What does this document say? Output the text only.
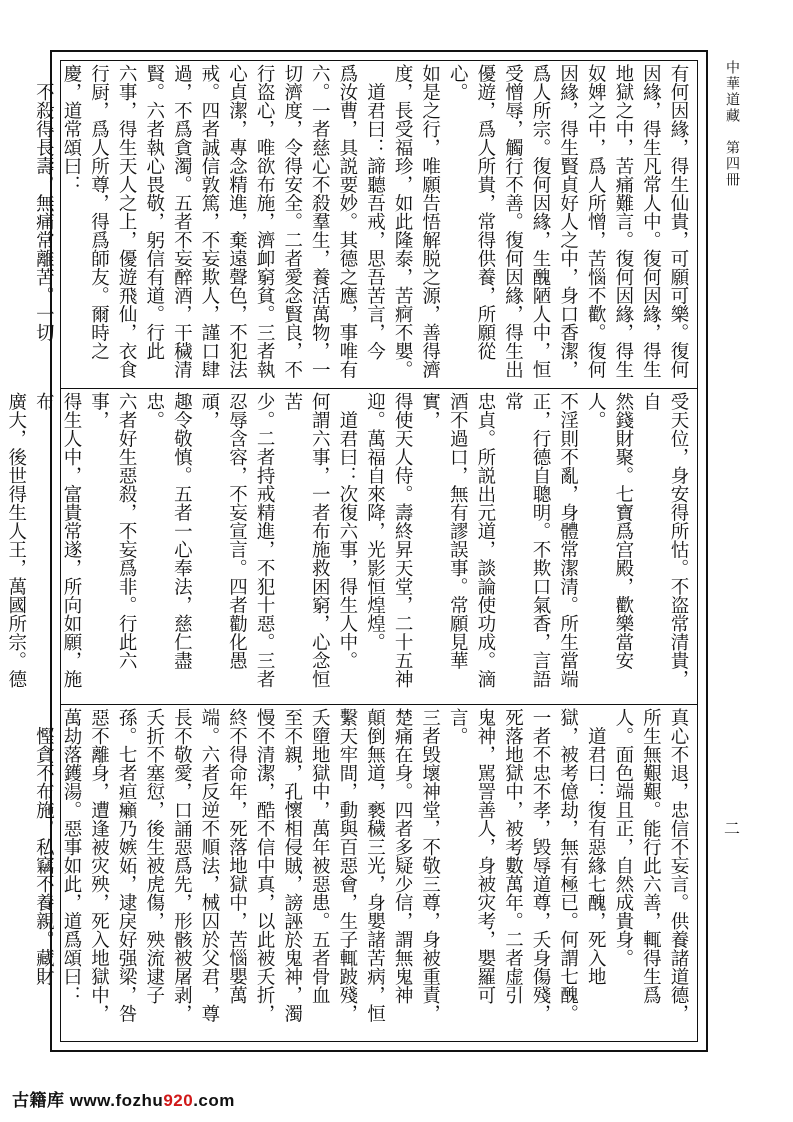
中華道藏　第四冊
二
有何因緣，得生仙貴，可願可樂。復何
因緣，得生凡常人中。復何因緣，得生
地獄之中，苦痛難言。復何因緣，得生
奴婢之中，爲人所憎，苦惱不歡。復何
因緣，得生賢貞好人之中，身口香潔，
爲人所宗。復何因緣，生醜陋人中，恒
受憎辱，觸行不善。復何因緣，得生出
優遊，爲人所貴，常得供養，所願從心。
如是之行，唯願告悟解脱之源，善得濟
度，長受福珍，如此隆泰，苦痾不嬰。
　道君曰：諦聽吾戒，思吾苦言，今
爲汝曹，具説要妙。其德之應，事唯有
六。一者慈心不殺羣生，養活萬物，一
切濟度，令得安全。二者愛念賢良，不
行盗心，唯欲布施，濟卹窮貧。三者執
心貞潔，專念精進，棄遠聲色，不犯法
戒。四者誠信敦篤，不妄欺人，謹口肆
過，不爲貪濁。五者不妄醉酒，干穢清
賢。六者執心畏敬，躬信有道。行此
六事，得生天人之上，優遊飛仙，衣食
行厨，爲人所尊，得爲師友。爾時之
慶，道常頌曰：
　不殺得長壽，無痛常離苦。一切
受天位，身安得所怙。不盗常清貴，自
然錢財聚。七寶爲宫殿，歡樂當安人。
不淫則不亂，身體常潔清。所生當端
正，行德自聰明。不欺口氣香，言語常
忠貞。所説出元道，談論使功成。滴
酒不過口，無有謬誤事。常願見華實，
得使天人侍。壽終昇天堂，二十五神
迎。萬福自來降，光影恒煌煌。
　道君曰：次復六事，得生人中。
何謂六事，一者布施救困窮，心念恒苦
少。二者持戒精進，不犯十惡。三者
忍辱含容，不妄宣言。四者勸化愚頑，
趣令敬慎。五者一心奉法，慈仁盡忠。
六者好生惡殺，不妄爲非。行此六事，
得生人中，富貴常遂，所向如願，施布
廣大，後世得生人王，萬國所宗。德
真心不退，忠信不妄言。供養諸道德，
所生無艱艱。能行此六善，輒得生爲
人。面色端且正，自然成貴身。
　道君曰：復有惡緣七醜，死入地
獄，被考億劫，無有極已。何謂七醜。
一者不忠不孝，毁辱道尊，夭身傷殘，
死落地獄中，被考數萬年。二者虚引
鬼神，駡詈善人，身被灾考，嬰羅可言。
三者毁壞神堂，不敬三尊，身被重責，
楚痛在身。四者多疑少信，謂無鬼神
顛倒無道，褻穢三光，身嬰諸苦病，恒
繫天牢間，動與百惡會，生子輒跛殘，
夭墮地獄中，萬年被惡患。五者骨血
至不親，孔懷相侵賊，謗誣於鬼神，濁
慢不清潔，酷不信中真，以此被夭折，
終不得命年，死落地獄中，苦惱嬰萬
端。六者反逆不順法，械囚於父君，尊
長不敬愛，口誦惡爲先，形骸被屠剥，
夭折不塞愆，後生被虎傷，殃流逮子
孫。七者疸癩乃嫉妬，逮戾好强梁，咎
惡不離身，遭逢被灾殃，死入地獄中，
萬劫落鑊湯。惡事如此，道爲頌曰：
　慳貪不布施，私竊不養親。藏財
古籍库 www.fozhu920.com
